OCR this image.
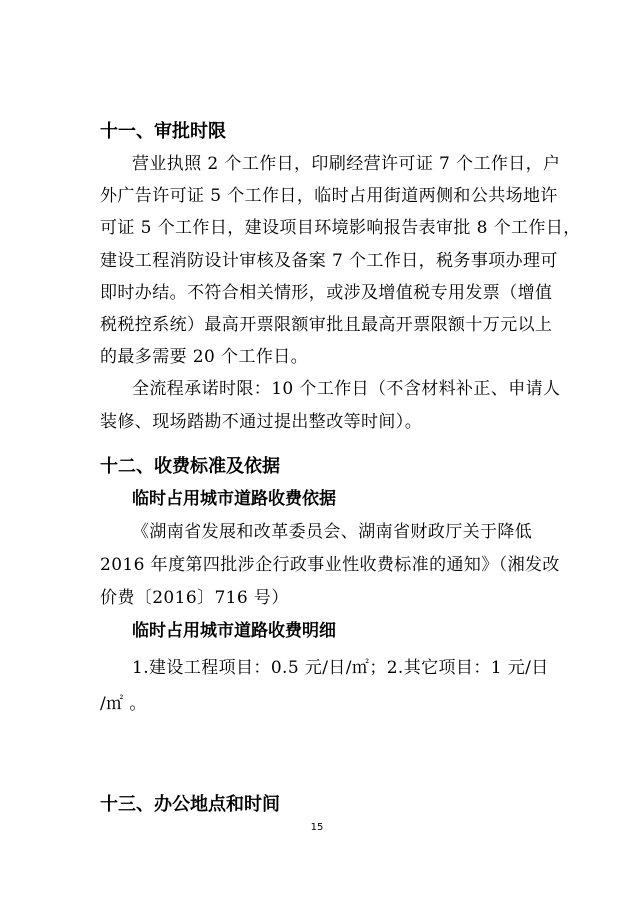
十一、审批时限
营业执照 2 个工作日，印刷经营许可证 7 个工作日，户
外广告许可证 5 个工作日，临时占用街道两侧和公共场地许
可证 5 个工作日，建设项目环境影响报告表审批 8 个工作日，
建设工程消防设计审核及备案 7 个工作日，税务事项办理可
即时办结。不符合相关情形，或涉及增值税专用发票（增值
税税控系统）最高开票限额审批且最高开票限额十万元以上
的最多需要 20 个工作日。
全流程承诺时限：10 个工作日（不含材料补正、申请人
装修、现场踏勘不通过提出整改等时间）。
十二、收费标准及依据
临时占用城市道路收费依据
《湖南省发展和改革委员会、湖南省财政厅关于降低
2016 年度第四批涉企行政事业性收费标准的通知》（湘发改
价费〔2016〕716 号）
临时占用城市道路收费明细
1.建设工程项目：0.5 元/日/㎡；2.其它项目：1 元/日
/㎡ 。
十三、办公地点和时间
15
